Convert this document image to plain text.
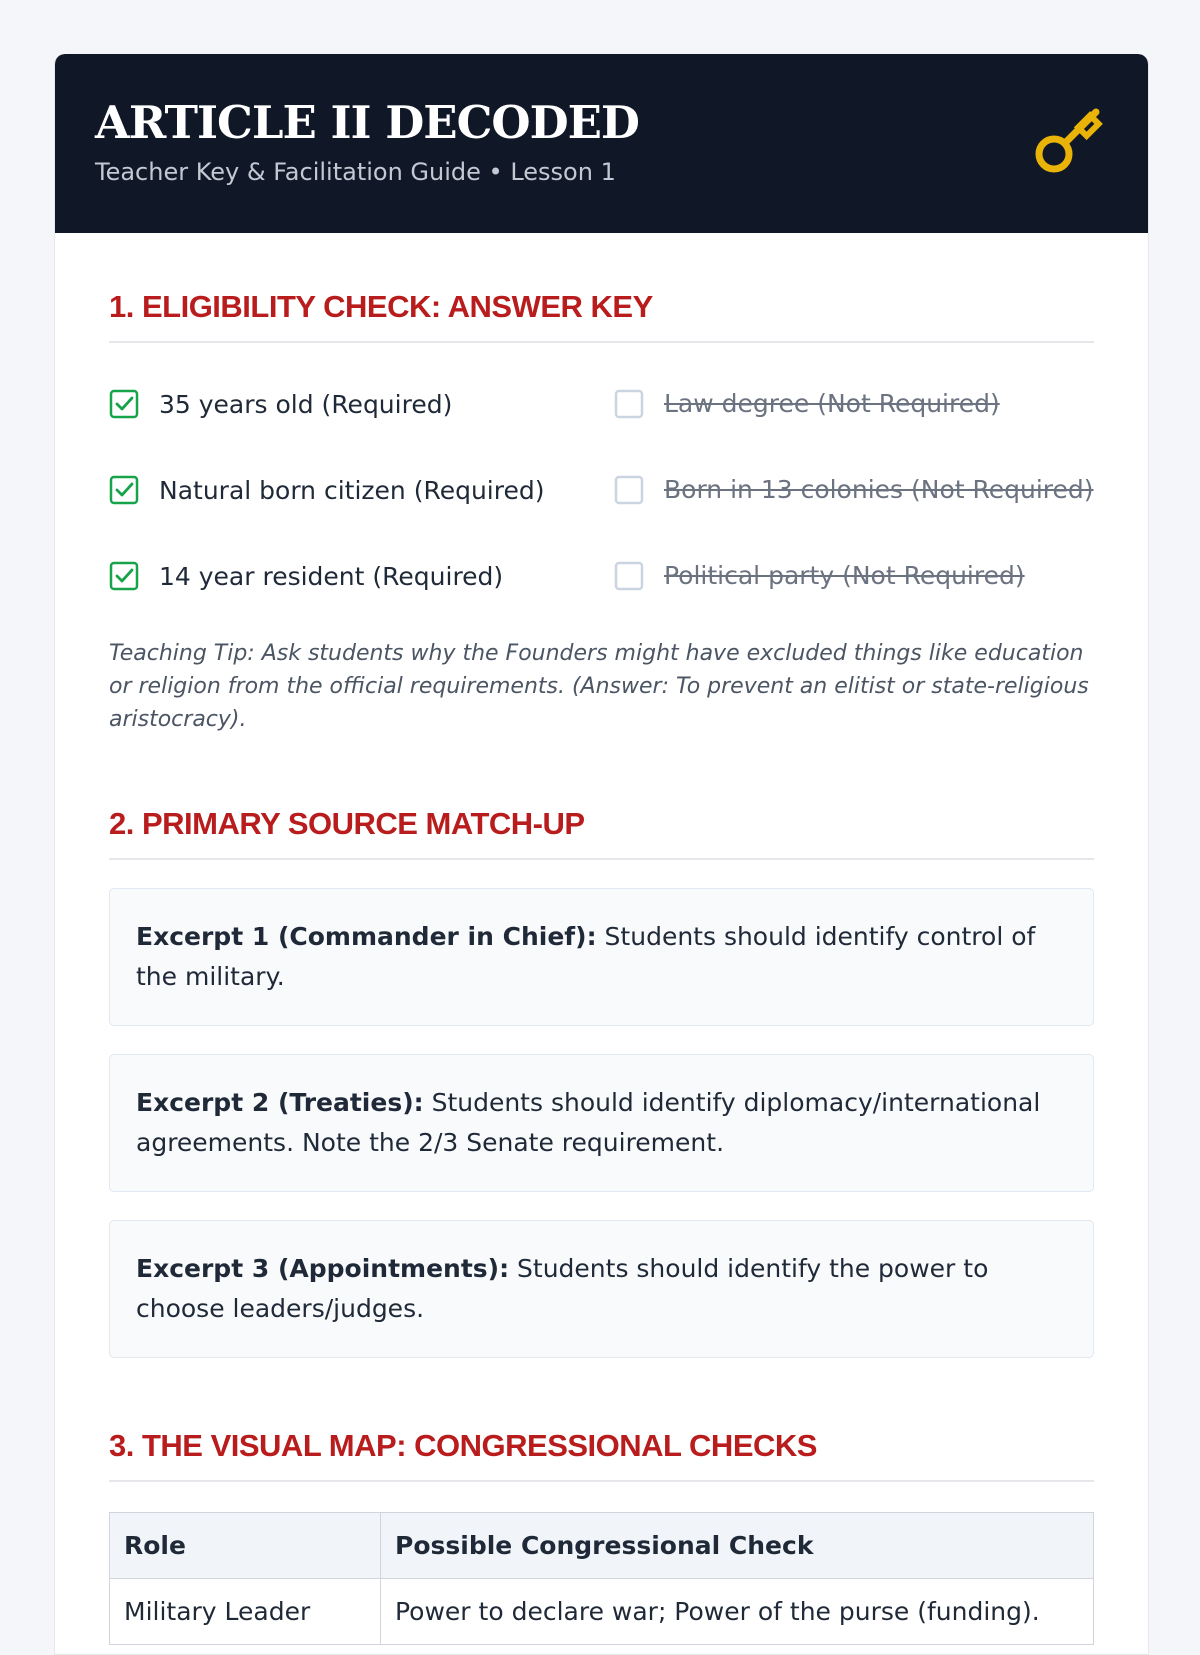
ARTICLE II DECODED

Teacher Key & Facilitation Guide • Lesson 1

1. ELIGIBILITY CHECK: ANSWER KEY
35 years old (Required)	Law degree (Not Required)
Natural born citizen (Required)	Born in 13 colonies (Not Required)
14 year resident (Required)	Political party (Not Required)

Teaching Tip: Ask students why the Founders might have excluded things like education or religion from the official requirements. (Answer: To prevent an elitist or state-religious aristocracy).

2. PRIMARY SOURCE MATCH-UP
Excerpt 1 (Commander in Chief): Students should identify control of the military.
Excerpt 2 (Treaties): Students should identify diplomacy/international agreements. Note the 2/3 Senate requirement.
Excerpt 3 (Appointments): Students should identify the power to choose leaders/judges.
3. THE VISUAL MAP: CONGRESSIONAL CHECKS
Role	Possible Congressional Check
Military Leader	Power to declare war; Power of the purse (funding).
